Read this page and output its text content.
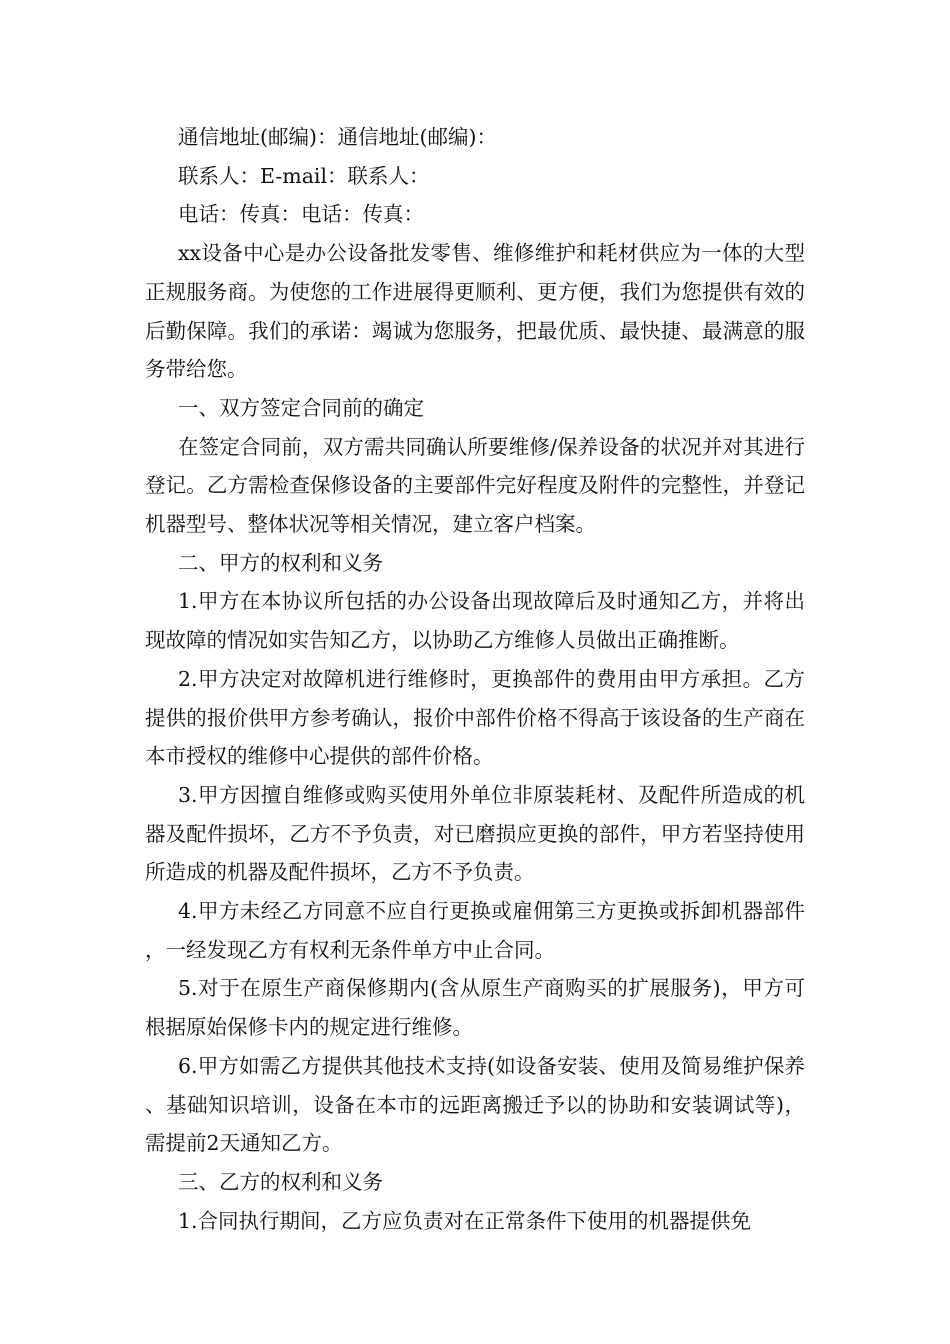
通信地址(邮编)：通信地址(邮编)：

联系人：E-mail：联系人：

电话：传真：电话：传真：

xx设备中心是办公设备批发零售、维修维护和耗材供应为一体的大型正规服务商。为使您的工作进展得更顺利、更方便，我们为您提供有效的后勤保障。我们的承诺：竭诚为您服务，把最优质、最快捷、最满意的服务带给您。

一、双方签定合同前的确定

在签定合同前，双方需共同确认所要维修/保养设备的状况并对其进行登记。乙方需检查保修设备的主要部件完好程度及附件的完整性，并登记机器型号、整体状况等相关情况，建立客户档案。

二、甲方的权利和义务

1.甲方在本协议所包括的办公设备出现故障后及时通知乙方，并将出现故障的情况如实告知乙方，以协助乙方维修人员做出正确推断。

2.甲方决定对故障机进行维修时，更换部件的费用由甲方承担。乙方提供的报价供甲方参考确认，报价中部件价格不得高于该设备的生产商在本市授权的维修中心提供的部件价格。

3.甲方因擅自维修或购买使用外单位非原装耗材、及配件所造成的机器及配件损坏，乙方不予负责，对已磨损应更换的部件，甲方若坚持使用所造成的机器及配件损坏，乙方不予负责。

4.甲方未经乙方同意不应自行更换或雇佣第三方更换或拆卸机器部件，一经发现乙方有权利无条件单方中止合同。

5.对于在原生产商保修期内(含从原生产商购买的扩展服务)，甲方可根据原始保修卡内的规定进行维修。

6.甲方如需乙方提供其他技术支持(如设备安装、使用及简易维护保养、基础知识培训，设备在本市的远距离搬迁予以的协助和安装调试等)，需提前2天通知乙方。

三、乙方的权利和义务

1.合同执行期间，乙方应负责对在正常条件下使用的机器提供免
